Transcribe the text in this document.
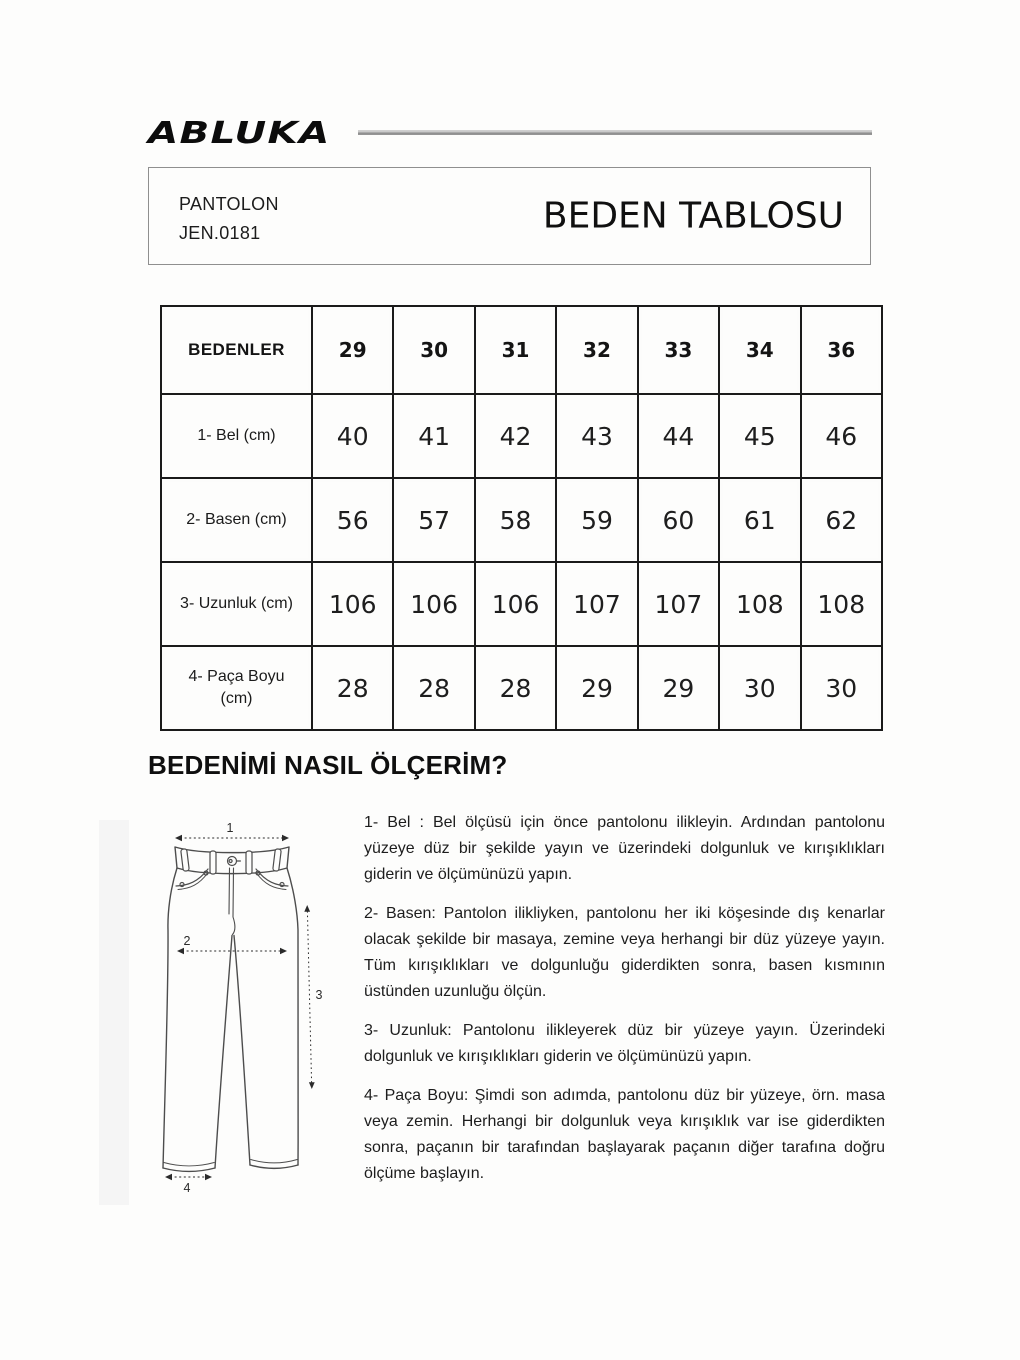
ABLUKA
PANTOLON
JEN.0181	BEDEN TABLOSU
BEDENLER	29	30	31	32	33	34	36
1- Bel (cm)	40	41	42	43	44	45	46
2- Basen (cm)	56	57	58	59	60	61	62
3- Uzunluk (cm)	106	106	106	107	107	108	108
4- Paça Boyu (cm)	28	28	28	29	29	30	30
BEDENİMİ NASIL ÖLÇERİM?
1
2
3
4

1- Bel : Bel ölçüsü için önce pantolonu ilikleyin. Ardından pantolonu yüzeye düz bir şekilde yayın ve üzerindeki dolgunluk ve kırışıklıkları giderin ve ölçümünüzü yapın.

2- Basen: Pantolon ilikliyken, pantolonu her iki köşesinde dış kenarlar olacak şekilde bir masaya, zemine veya herhangi bir düz yüzeye yayın. Tüm kırışıklıkları ve dolgunluğu giderdikten sonra, basen kısmının üstünden uzunluğu ölçün.

3- Uzunluk: Pantolonu ilikleyerek düz bir yüzeye yayın. Üzerindeki dolgunluk ve kırışıklıkları giderin ve ölçümünüzü yapın.

4- Paça Boyu: Şimdi son adımda, pantolonu düz bir yüzeye, örn. masa veya zemin. Herhangi bir dolgunluk veya kırışıklık var ise giderdikten sonra, paçanın bir tarafından başlayarak paçanın diğer tarafına doğru ölçüme başlayın.
